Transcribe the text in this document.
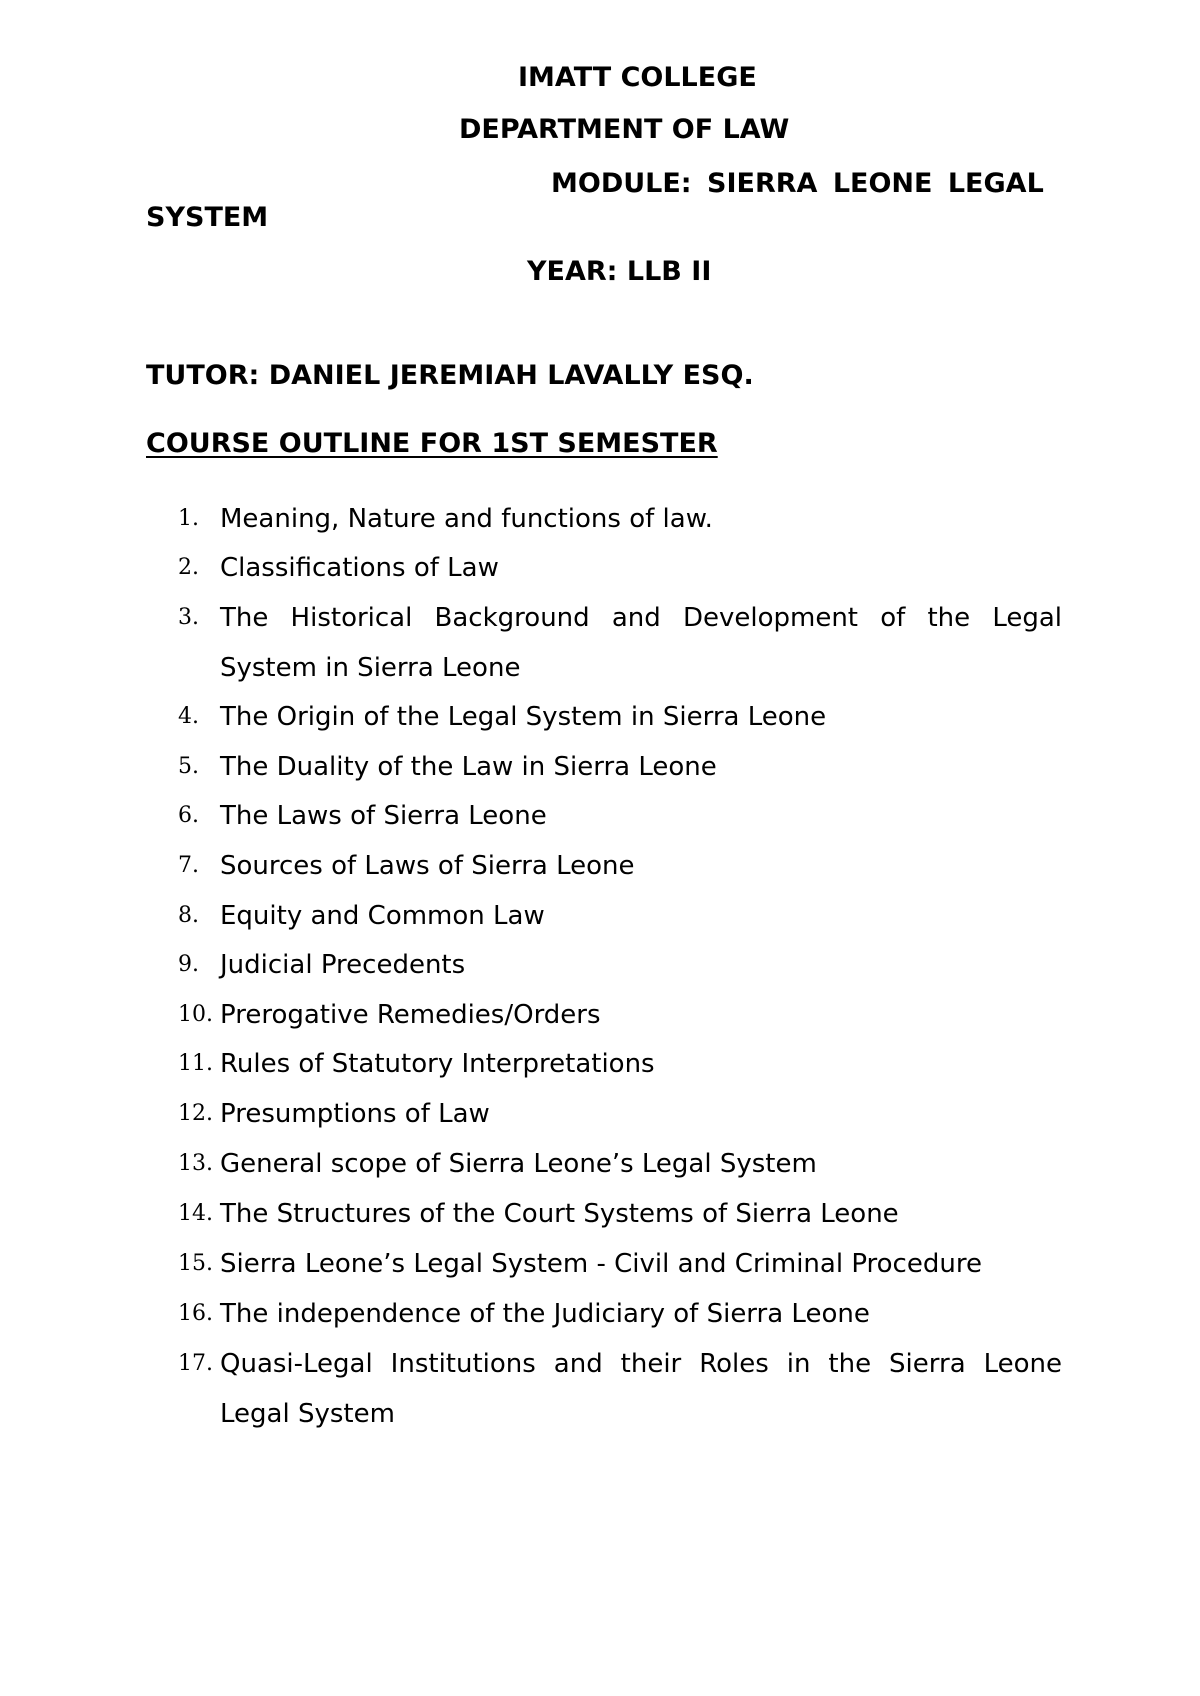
IMATT COLLEGE
DEPARTMENT OF LAW
MODULE: SIERRA LEONE LEGAL
SYSTEM
YEAR: LLB II
TUTOR: DANIEL JEREMIAH LAVALLY ESQ.
COURSE OUTLINE FOR 1ST SEMESTER
1. Meaning, Nature and functions of law.
2. Classifications of Law
3. The Historical Background and Development of the Legal System in Sierra Leone
4. The Origin of the Legal System in Sierra Leone
5. The Duality of the Law in Sierra Leone
6. The Laws of Sierra Leone
7. Sources of Laws of Sierra Leone
8. Equity and Common Law
9. Judicial Precedents
10. Prerogative Remedies/Orders
11. Rules of Statutory Interpretations
12. Presumptions of Law
13. General scope of Sierra Leone’s Legal System
14. The Structures of the Court Systems of Sierra Leone
15. Sierra Leone’s Legal System - Civil and Criminal Procedure
16. The independence of the Judiciary of Sierra Leone
17. Quasi-Legal Institutions and their Roles in the Sierra Leone Legal System
